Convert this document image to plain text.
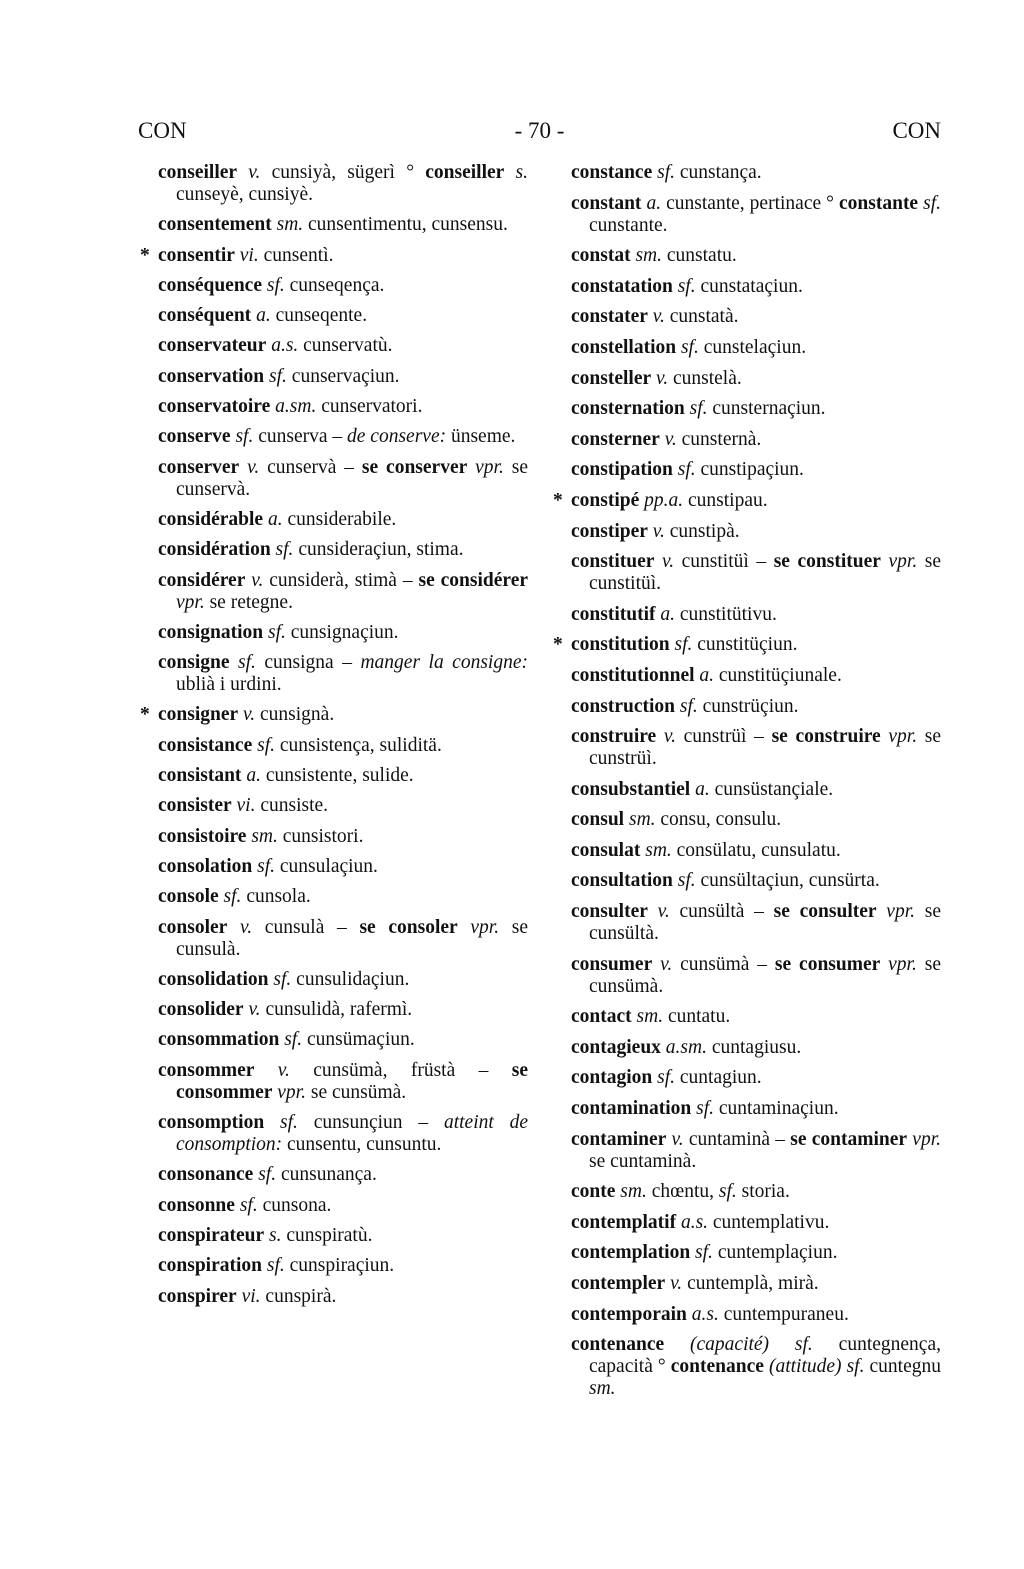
CON	- 70 -	CON
conseiller v. cunsiyà, sügerì ° conseiller s. cunseyè, cunsiyè.
consentement sm. cunsentimentu, cunsensu.
* consentir vi. cunsentì.
conséquence sf. cunseqença.
conséquent a. cunseqente.
conservateur a.s. cunservatù.
conservation sf. cunservaçiun.
conservatoire a.sm. cunservatori.
conserve sf. cunserva – de conserve: ünseme.
conserver v. cunservà – se conserver vpr. se cunservà.
considérable a. cunsiderabile.
considération sf. cunsideraçiun, stima.
considérer v. cunsiderà, stimà – se considérer vpr. se retegne.
consignation sf. cunsignaçiun.
consigne sf. cunsigna – manger la consigne: ublià i urdini.
* consigner v. cunsignà.
consistance sf. cunsistença, suliditä.
consistant a. cunsistente, sulide.
consister vi. cunsiste.
consistoire sm. cunsistori.
consolation sf. cunsulaçiun.
console sf. cunsola.
consoler v. cunsulà – se consoler vpr. se cunsulà.
consolidation sf. cunsulidaçiun.
consolider v. cunsulidà, rafermì.
consommation sf. cunsümaçiun.
consommer v. cunsümà, früstà – se consommer vpr. se cunsümà.
consomption sf. cunsunçiun – atteint de consomption: cunsentu, cunsuntu.
consonance sf. cunsunança.
consonne sf. cunsona.
conspirateur s. cunspiratù.
conspiration sf. cunspiraçiun.
conspirer vi. cunspirà.
constance sf. cunstança.
constant a. cunstante, pertinace ° constante sf. cunstante.
constat sm. cunstatu.
constatation sf. cunstataçiun.
constater v. cunstatà.
constellation sf. cunstelaçiun.
consteller v. cunstelà.
consternation sf. cunsternaçiun.
consterner v. cunsternà.
constipation sf. cunstipaçiun.
* constipé pp.a. cunstipau.
constiper v. cunstipà.
constituer v. cunstitüì – se constituer vpr. se cunstitüì.
constitutif a. cunstitütivu.
* constitution sf. cunstitüçiun.
constitutionnel a. cunstitüçiunale.
construction sf. cunstrüçiun.
construire v. cunstrüì – se construire vpr. se cunstrüì.
consubstantiel a. cunsüstançiale.
consul sm. consu, consulu.
consulat sm. consülatu, cunsulatu.
consultation sf. cunsültaçiun, cunsürta.
consulter v. cunsültà – se consulter vpr. se cunsültà.
consumer v. cunsümà – se consumer vpr. se cunsümà.
contact sm. cuntatu.
contagieux a.sm. cuntagiusu.
contagion sf. cuntagiun.
contamination sf. cuntaminaçiun.
contaminer v. cuntaminà – se contaminer vpr. se cuntaminà.
conte sm. chœntu, sf. storia.
contemplatif a.s. cuntemplativu.
contemplation sf. cuntemplaçiun.
contempler v. cuntemplà, mirà.
contemporain a.s. cuntempuraneu.
contenance (capacité) sf. cuntegnença, capacità ° contenance (attitude) sf. cuntegnu sm.
